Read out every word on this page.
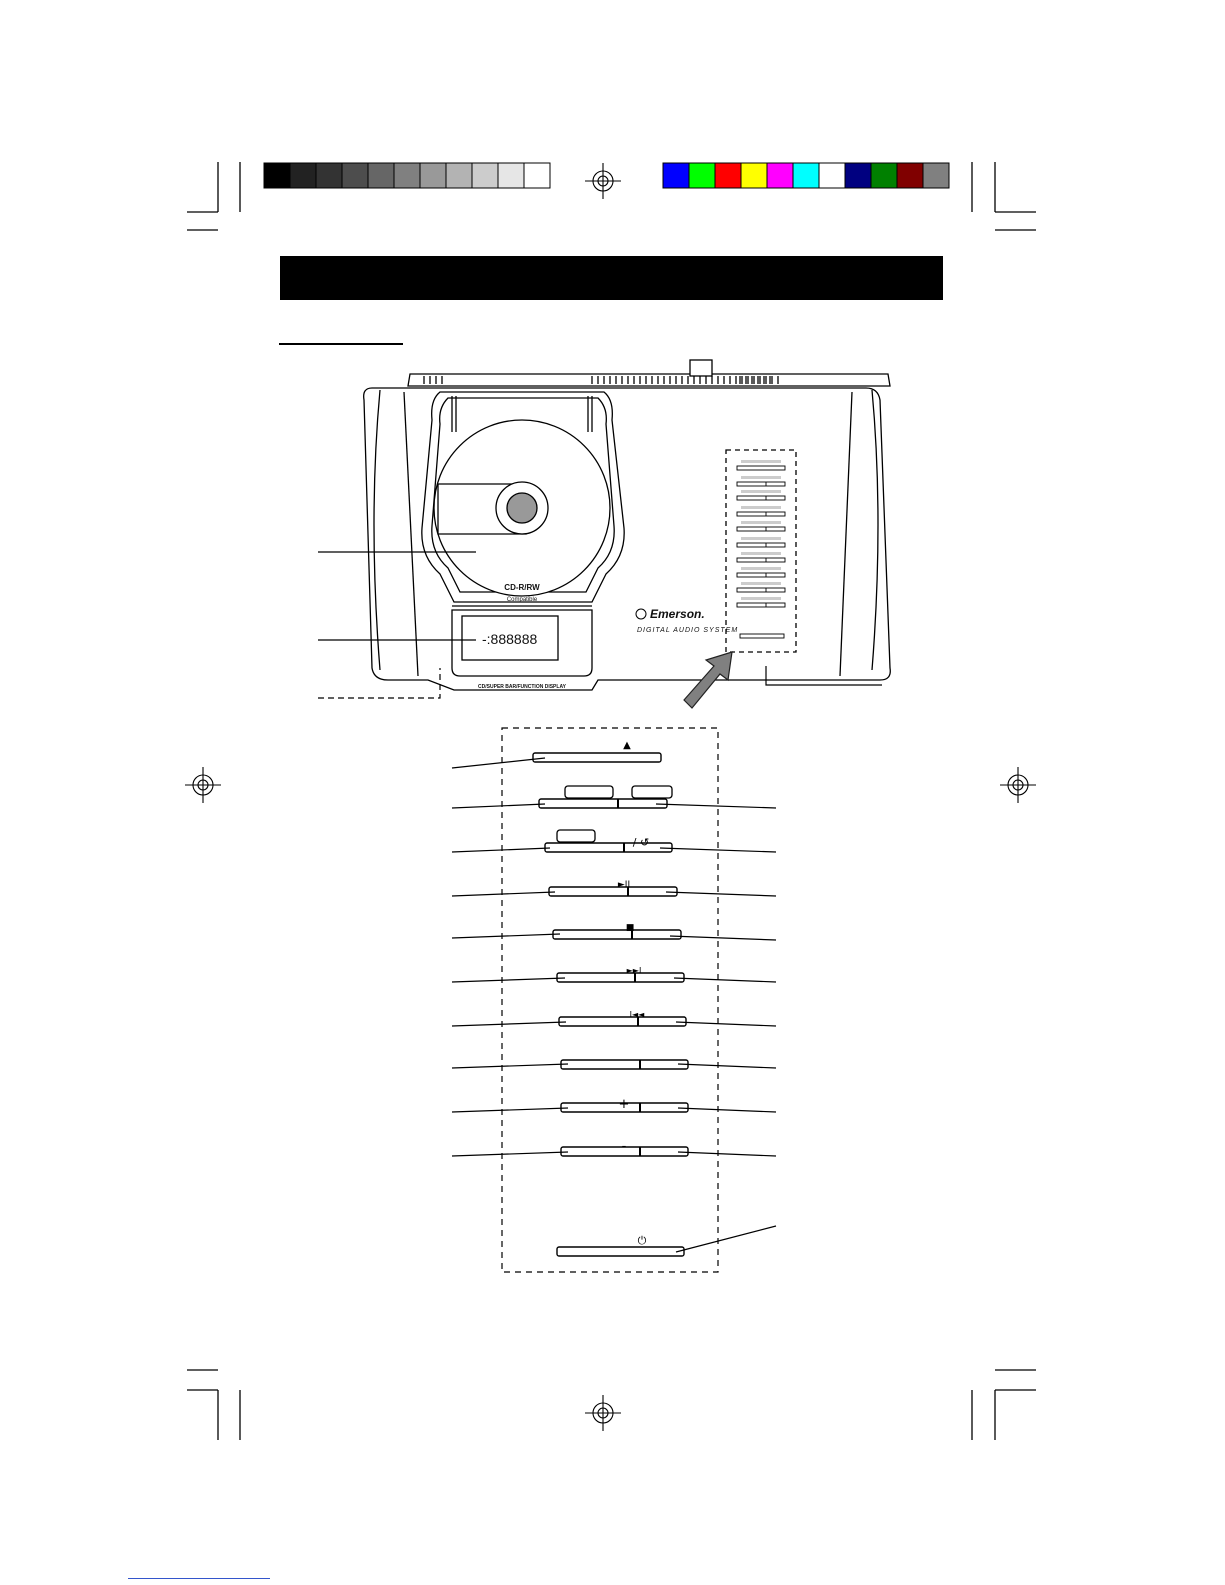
CD-R/RW
Compatible
-:888888
CD/SUPER BAR/FUNCTION DISPLAY
Emerson.
DIGITAL AUDIO SYSTEM
▲
/ ↺
►II
■
►►I
I◄◄
+
-
⏻
